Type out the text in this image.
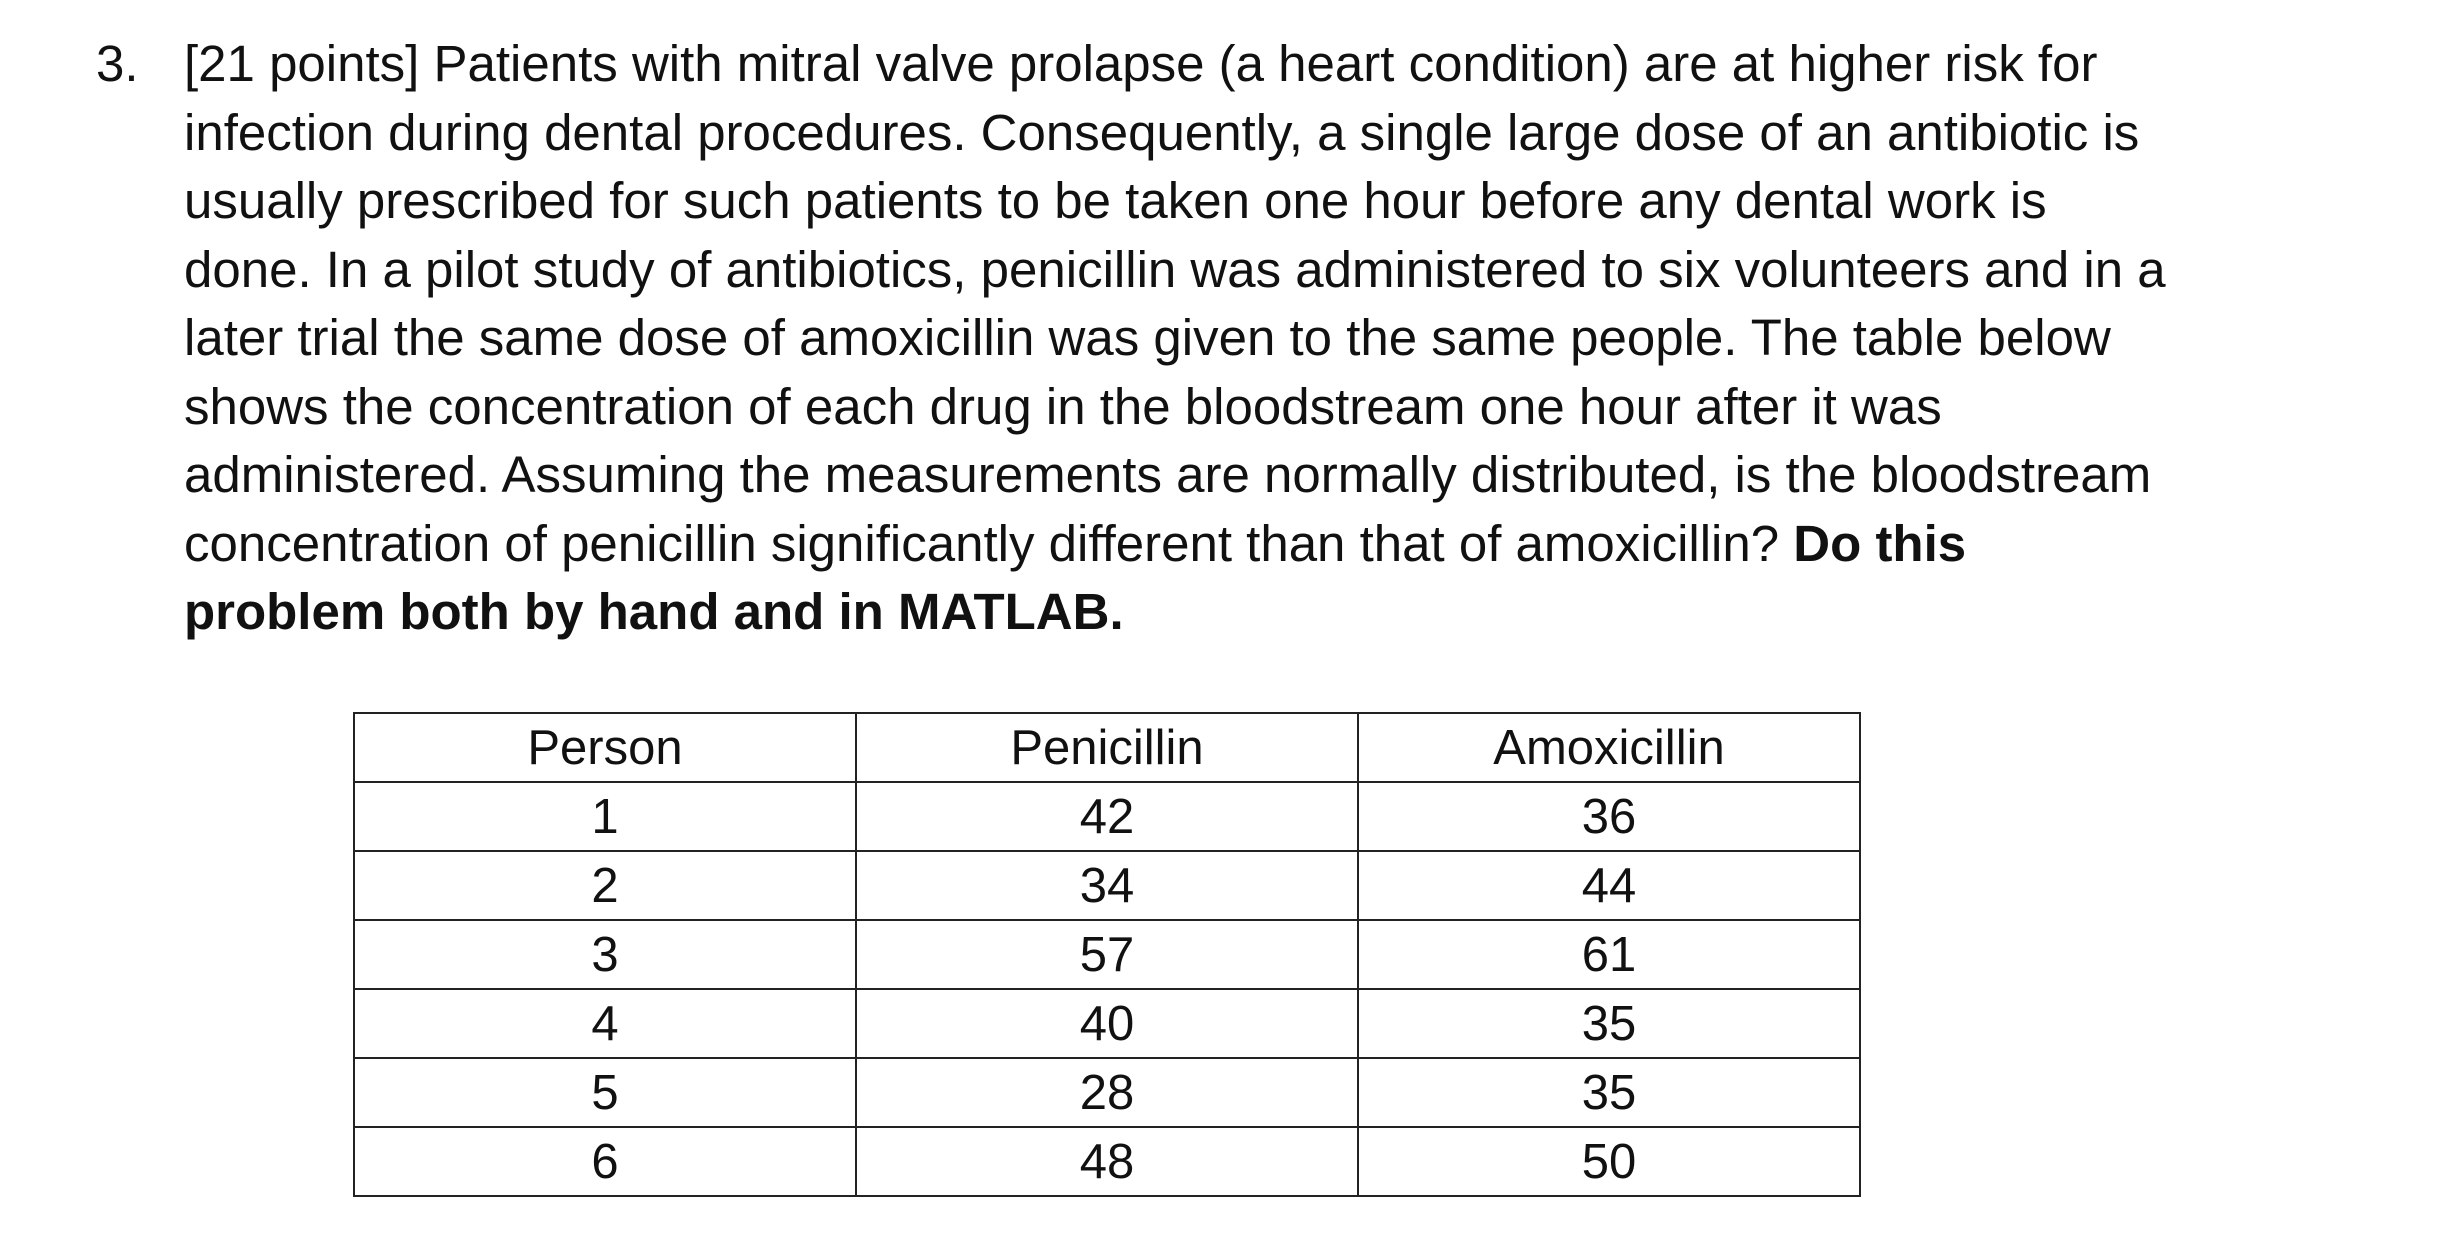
3. [21 points] Patients with mitral valve prolapse (a heart condition) are at higher risk for
infection during dental procedures. Consequently, a single large dose of an antibiotic is
usually prescribed for such patients to be taken one hour before any dental work is
done. In a pilot study of antibiotics, penicillin was administered to six volunteers and in a
later trial the same dose of amoxicillin was given to the same people. The table below
shows the concentration of each drug in the bloodstream one hour after it was
administered. Assuming the measurements are normally distributed, is the bloodstream
concentration of penicillin significantly different than that of amoxicillin? Do this
problem both by hand and in MATLAB.
Person	Penicillin	Amoxicillin
1	42	36
2	34	44
3	57	61
4	40	35
5	28	35
6	48	50
